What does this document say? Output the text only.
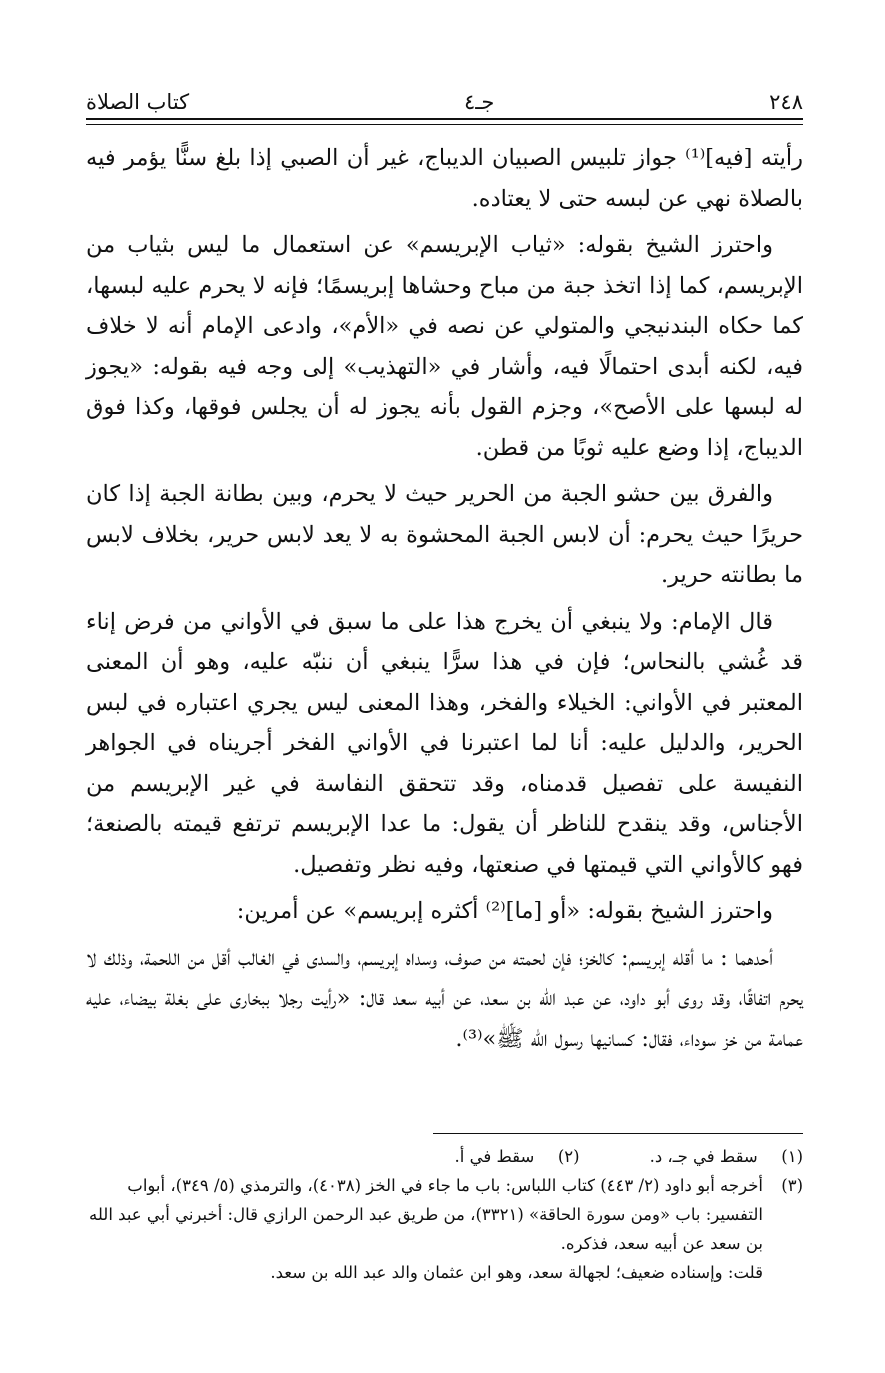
٢٤٨
جـ٤
كتاب الصلاة

رأيته [فيه]⁽¹⁾ جواز تلبيس الصبيان الديباج، غير أن الصبي إذا بلغ سنًّا يؤمر فيه بالصلاة نهي عن لبسه حتى لا يعتاده.

واحترز الشيخ بقوله: «ثياب الإبريسم» عن استعمال ما ليس بثياب من الإبريسم، كما إذا اتخذ جبة من مباح وحشاها إبريسمًا؛ فإنه لا يحرم عليه لبسها، كما حكاه البندنيجي والمتولي عن نصه في «الأم»، وادعى الإمام أنه لا خلاف فيه، لكنه أبدى احتمالًا فيه، وأشار في «التهذيب» إلى وجه فيه بقوله: «يجوز له لبسها على الأصح»، وجزم القول بأنه يجوز له أن يجلس فوقها، وكذا فوق الديباج، إذا وضع عليه ثوبًا من قطن.

والفرق بين حشو الجبة من الحرير حيث لا يحرم، وبين بطانة الجبة إذا كان حريرًا حيث يحرم: أن لابس الجبة المحشوة به لا يعد لابس حرير، بخلاف لابس ما بطانته حرير.

قال الإمام: ولا ينبغي أن يخرج هذا على ما سبق في الأواني من فرض إناء قد غُشي بالنحاس؛ فإن في هذا سرًّا ينبغي أن ننبّه عليه، وهو أن المعنى المعتبر في الأواني: الخيلاء والفخر، وهذا المعنى ليس يجري اعتباره في لبس الحرير، والدليل عليه: أنا لما اعتبرنا في الأواني الفخر أجريناه في الجواهر النفيسة على تفصيل قدمناه، وقد تتحقق النفاسة في غير الإبريسم من الأجناس، وقد ينقدح للناظر أن يقول: ما عدا الإبريسم ترتفع قيمته بالصنعة؛ فهو كالأواني التي قيمتها في صنعتها، وفيه نظر وتفصيل.

واحترز الشيخ بقوله: «أو [ما]⁽²⁾ أكثره إبريسم» عن أمرين:

أحدهما : ما أقله إبريسم: كالخز؛ فإن لحمته من صوف، وسداه إبريسم، والسدى في الغالب أقل من اللحمة، وذلك لا يحرم اتفاقًا، وقد روى أبو داود، عن عبد الله بن سعد، عن أبيه سعد قال: «رأيت رجلا ببخارى على بغلة بيضاء، عليه عمامة من خز سوداء، فقال: كسانيها رسول الله ﷺ»⁽³⁾.

(١) سقط في جـ، د.
(٢) سقط في أ.
(٣)
أخرجه أبو داود (٢/ ٤٤٣) كتاب اللباس: باب ما جاء في الخز (٤٠٣٨)، والترمذي (٥/ ٣٤٩)، أبواب التفسير: باب «ومن سورة الحاقة» (٣٣٢١)، من طريق عبد الرحمن الرازي قال: أخبرني أبي عبد الله بن سعد عن أبيه سعد، فذكره.
قلت: وإسناده ضعيف؛ لجهالة سعد، وهو ابن عثمان والد عبد الله بن سعد.
